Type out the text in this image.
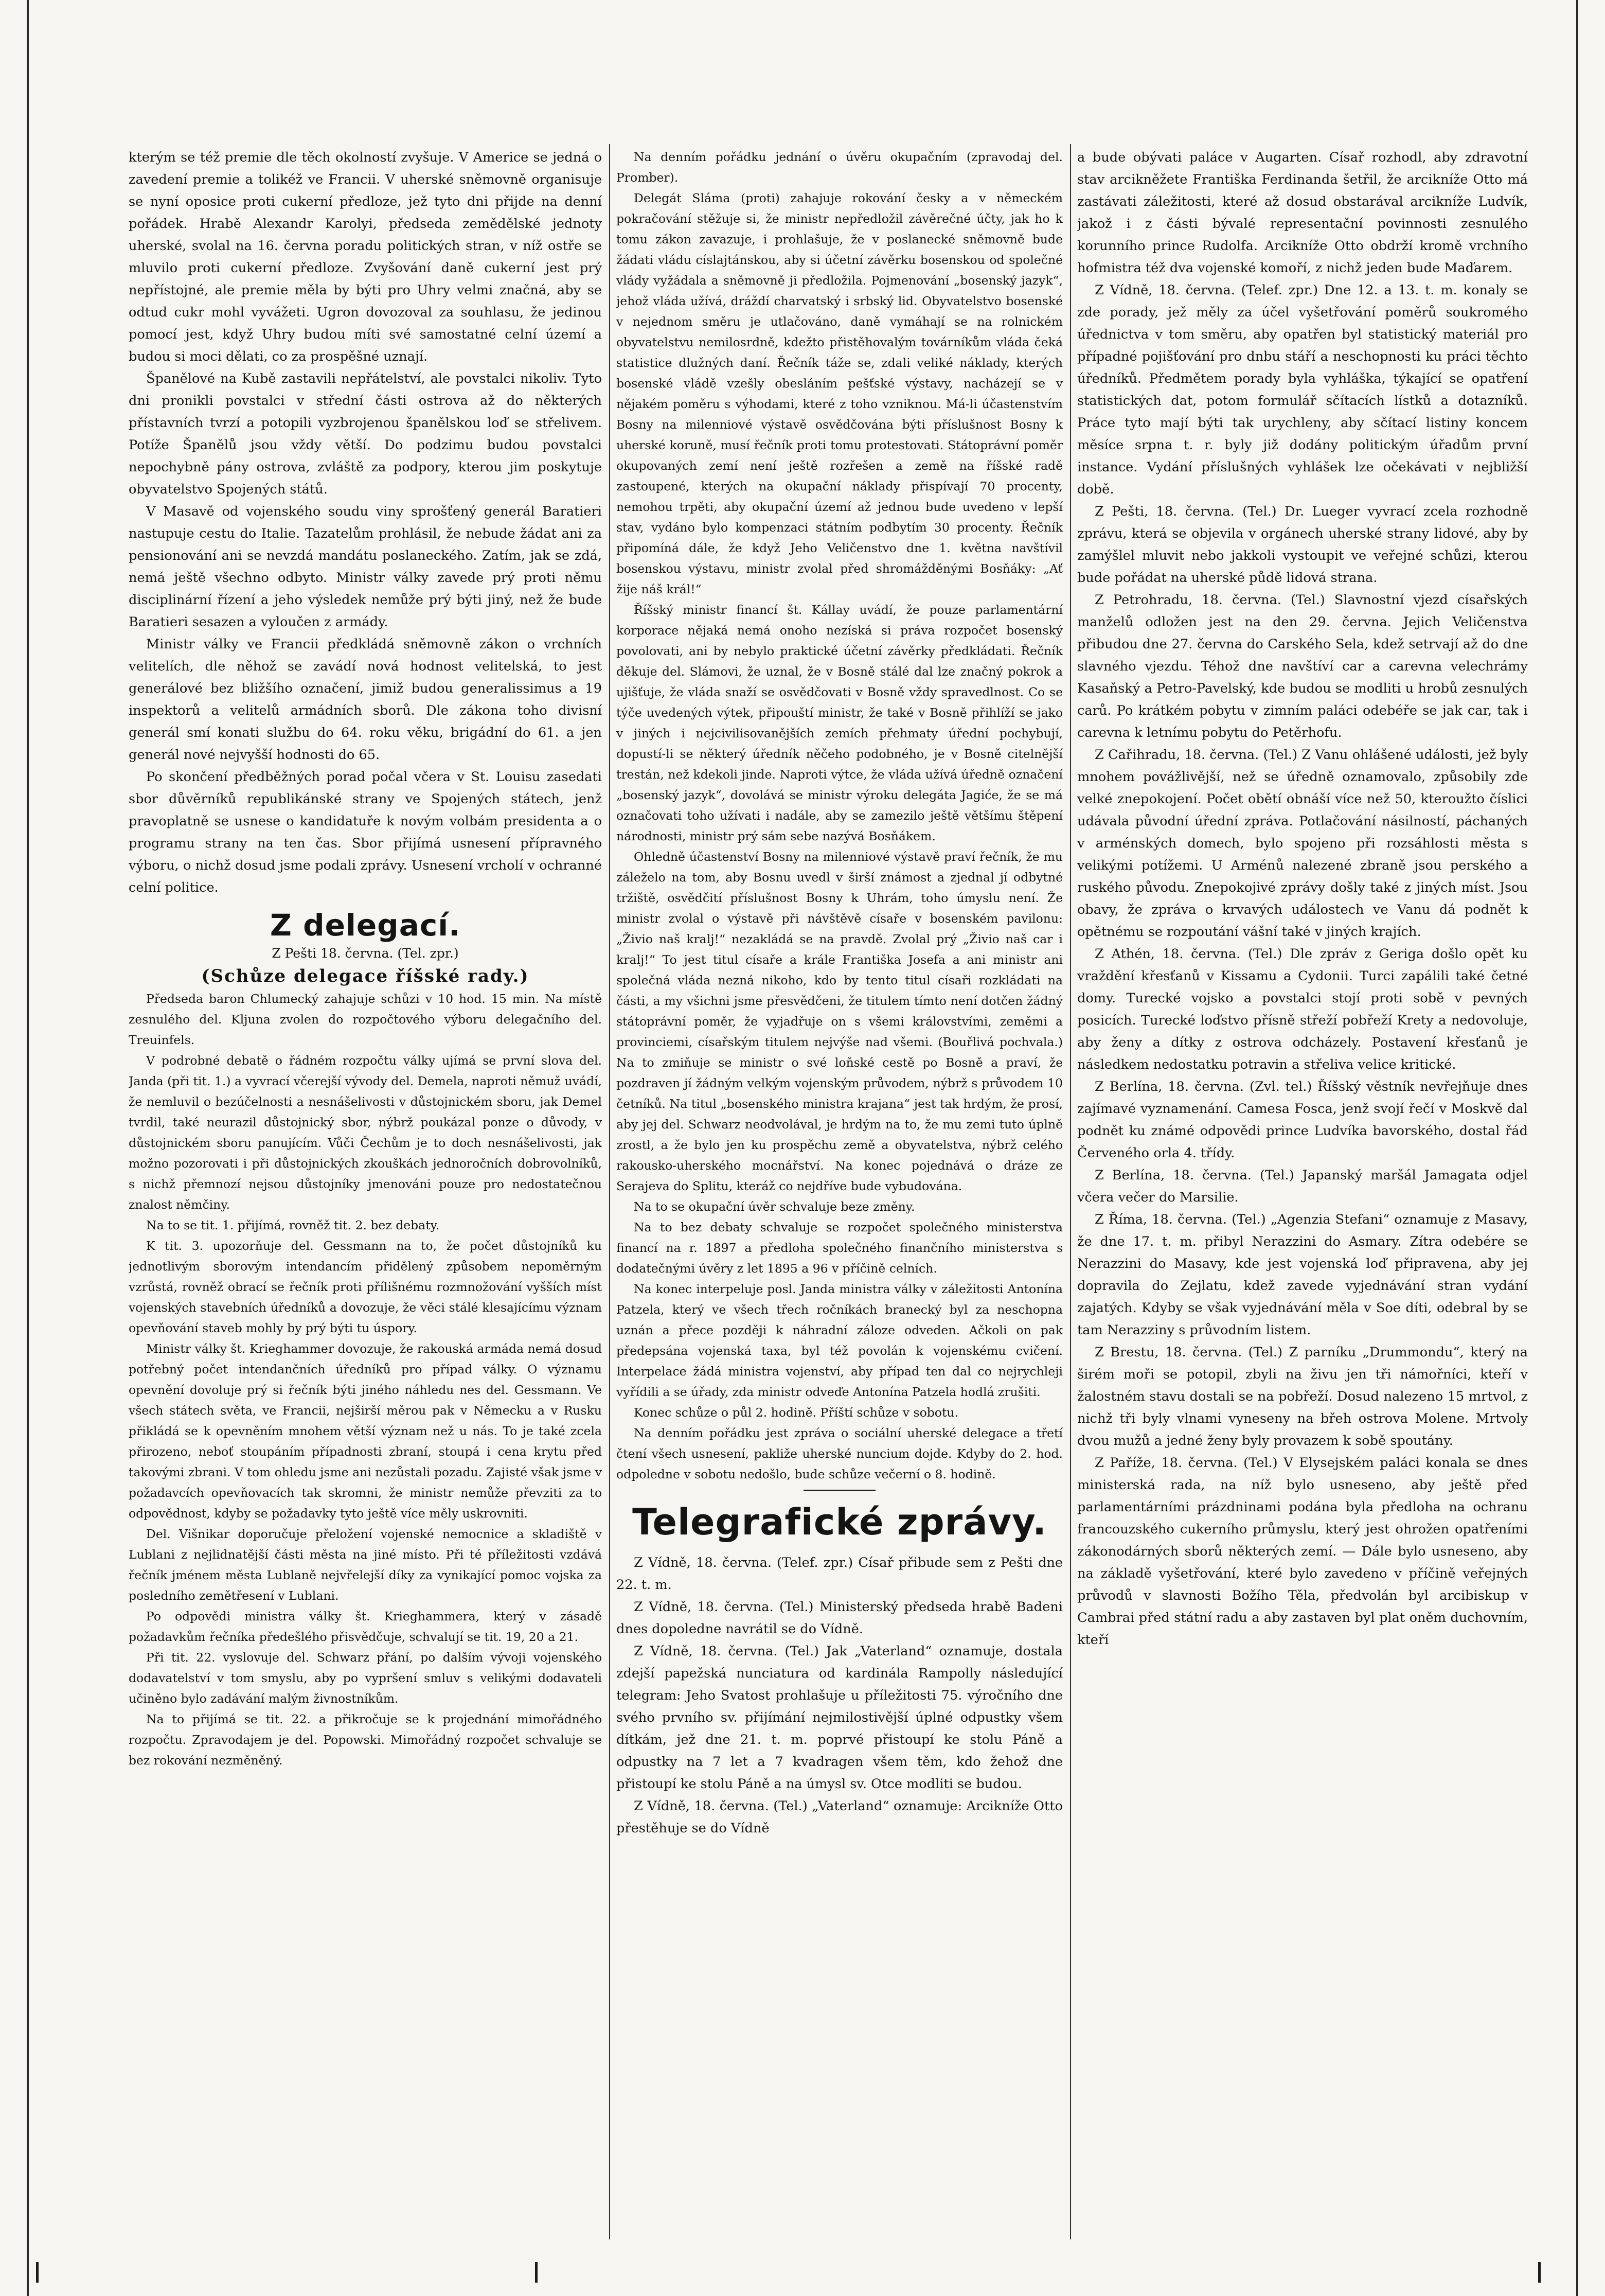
kterým se též premie dle těch okolností zvyšuje. V Americe se jedná o zavedení premie a tolikéž ve Francii. V uherské sněmovně organisuje se nyní oposice proti cukerní předloze, jež tyto dni přijde na denní pořádek. Hrabě Alexandr Karolyi, předseda zemědělské jednoty uherské, svolal na 16. června poradu politických stran, v níž ostře se mluvilo proti cukerní předloze. Zvyšování daně cukerní jest prý nepřístojné, ale premie měla by býti pro Uhry velmi značná, aby se odtud cukr mohl vyvážeti. Ugron dovozoval za souhlasu, že jedinou pomocí jest, když Uhry budou míti své samostatné celní území a budou si moci dělati, co za prospěšné uznají.

Španělové na Kubě zastavili nepřátelství, ale povstalci nikoliv. Tyto dni pronikli povstalci v střední části ostrova až do některých přístavních tvrzí a potopili vyzbrojenou španělskou loď se střelivem. Potíže Španělů jsou vždy větší. Do podzimu budou povstalci nepochybně pány ostrova, zvláště za podpory, kterou jim poskytuje obyvatelstvo Spojených států.

V Masavě od vojenského soudu viny sprošťený generál Baratieri nastupuje cestu do Italie. Tazatelům prohlásil, že nebude žádat ani za pensionování ani se nevzdá mandátu poslaneckého. Zatím, jak se zdá, nemá ještě všechno odbyto. Ministr války zavede prý proti němu disciplinární řízení a jeho výsledek nemůže prý býti jiný, než že bude Baratieri sesazen a vyloučen z armády.

Ministr války ve Francii předkládá sněmovně zákon o vrchních velitelích, dle něhož se zavádí nová hodnost velitelská, to jest generálové bez bližšího označení, jimiž budou generalissimus a 19 inspektorů a velitelů armádních sborů. Dle zákona toho divisní generál smí konati službu do 64. roku věku, brigádní do 61. a jen generál nové nejvyšší hodnosti do 65.

Po skončení předběžných porad počal včera v St. Louisu zasedati sbor důvěrníků republikánské strany ve Spojených státech, jenž pravoplatně se usnese o kandidatuře k novým volbám presidenta a o programu strany na ten čas. Sbor přijímá usnesení přípravného výboru, o nichž dosud jsme podali zprávy. Usnesení vrcholí v ochranné celní politice.

Z delegací.
Z Pešti 18. června. (Tel. zpr.)
(Schůze delegace říšské rady.)

Předseda baron Chlumecký zahajuje schůzi v 10 hod. 15 min. Na místě zesnulého del. Kljuna zvolen do rozpočtového výboru delegačního del. Treuinfels.

V podrobné debatě o řádném rozpočtu války ujímá se první slova del. Janda (při tit. 1.) a vyvrací včerejší vývody del. Demela, naproti němuž uvádí, že nemluvil o bezúčelnosti a nesnášelivosti v důstojnickém sboru, jak Demel tvrdil, také neurazil důstojnický sbor, nýbrž poukázal ponze o důvody, v důstojnickém sboru panujícím. Vůči Čechům je to doch nesnášelivosti, jak možno pozorovati i při důstojnických zkouškách jednoročních dobrovolníků, s nichž přemnozí nejsou důstojníky jmenováni pouze pro nedostatečnou znalost němčiny.

Na to se tit. 1. přijímá, rovněž tit. 2. bez debaty.

K tit. 3. upozorňuje del. Gessmann na to, že počet důstojníků ku jednotlivým sborovým intendancím přidělený způsobem nepoměrným vzrůstá, rovněž obrací se řečník proti přílišnému rozmnožování vyšších míst vojenských stavebních úředníků a dovozuje, že věci stálé klesajícímu význam opevňování staveb mohly by prý býti tu úspory.

Ministr války št. Krieghammer dovozuje, že rakouská armáda nemá dosud potřebný počet intendančních úředníků pro případ války. O významu opevnění dovoluje prý si řečník býti jiného náhledu nes del. Gessmann. Ve všech státech světa, ve Francii, nejširší měrou pak v Německu a v Rusku přikládá se k opevněním mnohem větší význam než u nás. To je také zcela přirozeno, neboť stoupáním případnosti zbraní, stoupá i cena krytu před takovými zbrani. V tom ohledu jsme ani nezůstali pozadu. Zajisté však jsme v požadavcích opevňovacích tak skromni, že ministr nemůže převziti za to odpovědnost, kdyby se požadavky tyto ještě více měly uskrovniti.

Del. Višnikar doporučuje přeložení vojenské nemocnice a skladiště v Lublani z nejlidnatější části města na jiné místo. Při té příležitosti vzdává řečník jménem města Lublaně nejvřelejší díky za vynikající pomoc vojska za posledního zemětřesení v Lublani.

Po odpovědi ministra války št. Krieghammera, který v zásadě požadavkům řečníka předešlého přisvědčuje, schvalují se tit. 19, 20 a 21.

Při tit. 22. vyslovuje del. Schwarz přání, po dalším vývoji vojenského dodavatelství v tom smyslu, aby po vypršení smluv s velikými dodavateli učiněno bylo zadávání malým živnostníkům.

Na to přijímá se tit. 22. a přikročuje se k projednání mimořádného rozpočtu. Zpravodajem je del. Popowski. Mimořádný rozpočet schvaluje se bez rokování nezměněný.

Na denním pořádku jednání o úvěru okupačním (zpravodaj del. Promber).

Delegát Sláma (proti) zahajuje rokování česky a v německém pokračování stěžuje si, že ministr nepředložil závěrečné účty, jak ho k tomu zákon zavazuje, i prohlašuje, že v poslanecké sněmovně bude žádati vládu císlajtánskou, aby si účetní závěrku bosenskou od společné vlády vyžádala a sněmovně ji předložila. Pojmenování „bosenský jazyk“, jehož vláda užívá, dráždí charvatský i srbský lid. Obyvatelstvo bosenské v nejednom směru je utlačováno, daně vymáhají se na rolnickém obyvatelstvu nemilosrdně, kdežto přistěhovalým továrníkům vláda čeká statistice dlužných daní. Řečník táže se, zdali veliké náklady, kterých bosenské vládě vzešly obesláním pešťské výstavy, nacházejí se v nějakém poměru s výhodami, které z toho vzniknou. Má-li účastenstvím Bosny na milenniové výstavě osvědčována býti příslušnost Bosny k uherské koruně, musí řečník proti tomu protestovati. Státoprávní poměr okupovaných zemí není ještě rozřešen a země na říšské radě zastoupené, kterých na okupační náklady přispívají 70 procenty, nemohou trpěti, aby okupační území až jednou bude uvedeno v lepší stav, vydáno bylo kompenzaci státním podbytím 30 procenty. Řečník připomíná dále, že když Jeho Veličenstvo dne 1. května navštívil bosenskou výstavu, ministr zvolal před shromážděnými Bosňáky: „Ať žije náš král!“

Říšský ministr financí št. Kállay uvádí, že pouze parlamentární korporace nějaká nemá onoho nezíská si práva rozpočet bosenský povolovati, ani by nebylo praktické účetní závěrky předkládati. Řečník děkuje del. Slámovi, že uznal, že v Bosně stálé dal lze značný pokrok a ujišťuje, že vláda snaží se osvědčovati v Bosně vždy spravedlnost. Co se týče uvedených výtek, připouští ministr, že také v Bosně přihlíží se jako v jiných i nejcivilisovanějších zemích přehmaty úřední pochybují, dopustí-li se některý úředník něčeho podobného, je v Bosně citelnější trestán, než kdekoli jinde. Naproti výtce, že vláda užívá úředně označení „bosenský jazyk“, dovolává se ministr výroku delegáta Jagiće, že se má označovati toho užívati i nadále, aby se zamezilo ještě většímu štěpení národnosti, ministr prý sám sebe nazývá Bosňákem.

Ohledně účastenství Bosny na milenniové výstavě praví řečník, že mu záleželo na tom, aby Bosnu uvedl v širší známost a zjednal jí odbytné tržiště, osvědčití příslušnost Bosny k Uhrám, toho úmyslu není. Že ministr zvolal o výstavě při návštěvě císaře v bosenském pavilonu: „Živio naš kralj!“ nezakládá se na pravdě. Zvolal prý „Živio naš car i kralj!“ To jest titul císaře a krále Františka Josefa a ani ministr ani společná vláda nezná nikoho, kdo by tento titul císaři rozkládati na části, a my všichni jsme přesvědčeni, že titulem tímto není dotčen žádný státoprávní poměr, že vyjadřuje on s všemi královstvími, zeměmi a provinciemi, císařským titulem nejvýše nad všemi. (Bouřlivá pochvala.) Na to zmiňuje se ministr o své loňské cestě po Bosně a praví, že pozdraven jí žádným velkým vojenským průvodem, nýbrž s průvodem 10 četníků. Na titul „bosenského ministra krajana“ jest tak hrdým, že prosí, aby jej del. Schwarz neodvolával, je hrdým na to, že mu zemi tuto úplně zrostl, a že bylo jen ku prospěchu země a obyvatelstva, nýbrž celého rakousko-uherského mocnářství. Na konec pojednává o dráze ze Serajeva do Splitu, kteráž co nejdříve bude vybudována.

Na to se okupační úvěr schvaluje beze změny.

Na to bez debaty schvaluje se rozpočet společného ministerstva financí na r. 1897 a předloha společného finančního ministerstva s dodatečnými úvěry z let 1895 a 96 v příčině celních.

Na konec interpeluje posl. Janda ministra války v záležitosti Antonína Patzela, který ve všech třech ročníkách branecký byl za neschopna uznán a přece později k náhradní záloze odveden. Ačkoli on pak předepsána vojenská taxa, byl též povolán k vojenskému cvičení. Interpelace žádá ministra vojenství, aby případ ten dal co nejrychleji vyřídili a se úřady, zda ministr odveďe Antonína Patzela hodlá zrušiti.

Konec schůze o půl 2. hodině. Příští schůze v sobotu.

Na denním pořádku jest zpráva o sociální uherské delegace a třetí čtení všech usnesení, pakliže uherské nuncium dojde. Kdyby do 2. hod. odpoledne v sobotu nedošlo, bude schůze večerní o 8. hodině.

Telegrafické zprávy.

Z Vídně, 18. června. (Telef. zpr.) Císař přibude sem z Pešti dne 22. t. m.

Z Vídně, 18. června. (Tel.) Ministerský předseda hrabě Badeni dnes dopoledne navrátil se do Vídně.

Z Vídně, 18. června. (Tel.) Jak „Vaterland“ oznamuje, dostala zdejší papežská nunciatura od kardinála Rampolly následující telegram: Jeho Svatost prohlašuje u příležitosti 75. výročního dne svého prvního sv. přijímání nejmilostivější úplné odpustky všem dítkám, jež dne 21. t. m. poprvé přistoupí ke stolu Páně a odpustky na 7 let a 7 kvadragen všem těm, kdo žehož dne přistoupí ke stolu Páně a na úmysl sv. Otce modliti se budou.

Z Vídně, 18. června. (Tel.) „Vaterland“ oznamuje: Arcikníže Otto přestěhuje se do Vídně

a bude obývati paláce v Augarten. Císař rozhodl, aby zdravotní stav arcikněžete Františka Ferdinanda šetřil, že arcikníže Otto má zastávati záležitosti, které až dosud obstarával arcikníže Ludvík, jakož i z části bývalé representační povinnosti zesnulého korunního prince Rudolfa. Arcikníže Otto obdrží kromě vrchního hofmistra též dva vojenské komoří, z nichž jeden bude Maďarem.

Z Vídně, 18. června. (Telef. zpr.) Dne 12. a 13. t. m. konaly se zde porady, jež měly za účel vyšetřování poměrů soukromého úřednictva v tom směru, aby opatřen byl statistický materiál pro případné pojišťování pro dnbu stáří a neschopnosti ku práci těchto úředníků. Předmětem porady byla vyhláška, týkající se opatření statistických dat, potom formulář sčítacích lístků a dotazníků. Práce tyto mají býti tak urychleny, aby sčítací listiny koncem měsíce srpna t. r. byly již dodány politickým úřadům první instance. Vydání příslušných vyhlášek lze očekávati v nejbližší době.

Z Pešti, 18. června. (Tel.) Dr. Lueger vyvrací zcela rozhodně zprávu, která se objevila v orgánech uherské strany lidové, aby by zamýšlel mluvit nebo jakkoli vystoupit ve veřejné schůzi, kterou bude pořádat na uherské půdě lidová strana.

Z Petrohradu, 18. června. (Tel.) Slavnostní vjezd císařských manželů odložen jest na den 29. června. Jejich Veličenstva přibudou dne 27. června do Carského Sela, kdež setrvají až do dne slavného vjezdu. Téhož dne navštíví car a carevna velechrámy Kasaňský a Petro-Pavelský, kde budou se modliti u hrobů zesnulých carů. Po krátkém pobytu v zimním paláci odebéře se jak car, tak i carevna k letnímu pobytu do Petěrhofu.

Z Cařihradu, 18. června. (Tel.) Z Vanu ohlášené události, jež byly mnohem povážlivější, než se úředně oznamovalo, způsobily zde velké znepokojení. Počet obětí obnáší více než 50, kteroužto číslici udávala původní úřední zpráva. Potlačování násilností, páchaných v arménských domech, bylo spojeno při rozsáhlosti města s velikými potížemi. U Arménů nalezené zbraně jsou perského a ruského původu. Znepokojivé zprávy došly také z jiných míst. Jsou obavy, že zpráva o krvavých událostech ve Vanu dá podnět k opětnému se rozpoutání vášní také v jiných krajích.

Z Athén, 18. června. (Tel.) Dle zpráv z Geriga došlo opět ku vraždění křesťanů v Kissamu a Cydonii. Turci zapálili také četné domy. Turecké vojsko a povstalci stojí proti sobě v pevných posicích. Turecké loďstvo přísně střeží pobřeží Krety a nedovoluje, aby ženy a dítky z ostrova odcházely. Postavení křesťanů je následkem nedostatku potravin a střeliva velice kritické.

Z Berlína, 18. června. (Zvl. tel.) Říšský věstník nevřejňuje dnes zajímavé vyznamenání. Camesa Fosca, jenž svojí řečí v Moskvě dal podnět ku známé odpovědi prince Ludvíka bavorského, dostal řád Červeného orla 4. třídy.

Z Berlína, 18. června. (Tel.) Japanský maršál Jamagata odjel včera večer do Marsilie.

Z Říma, 18. června. (Tel.) „Agenzia Stefani“ oznamuje z Masavy, že dne 17. t. m. přibyl Nerazzini do Asmary. Zítra odebére se Nerazzini do Masavy, kde jest vojenská loď připravena, aby jej dopravila do Zejlatu, kdež zavede vyjednávání stran vydání zajatých. Kdyby se však vyjednávání měla v Soe díti, odebral by se tam Nerazziny s průvodním listem.

Z Brestu, 18. června. (Tel.) Z parníku „Drummondu“, který na širém moři se potopil, zbyli na živu jen tři námořníci, kteří v žalostném stavu dostali se na pobřeží. Dosud nalezeno 15 mrtvol, z nichž tři byly vlnami vyneseny na břeh ostrova Molene. Mrtvoly dvou mužů a jedné ženy byly provazem k sobě spoutány.

Z Paříže, 18. června. (Tel.) V Elysejském paláci konala se dnes ministerská rada, na níž bylo usneseno, aby ještě před parlamentárními prázdninami podána byla předloha na ochranu francouzského cukerního průmyslu, který jest ohrožen opatřeními zákonodárných sborů některých zemí. — Dále bylo usneseno, aby na základě vyšetřování, které bylo zavedeno v příčině veřejných průvodů v slavnosti Božího Těla, předvolán byl arcibiskup v Cambrai před státní radu a aby zastaven byl plat oněm duchovním, kteří
